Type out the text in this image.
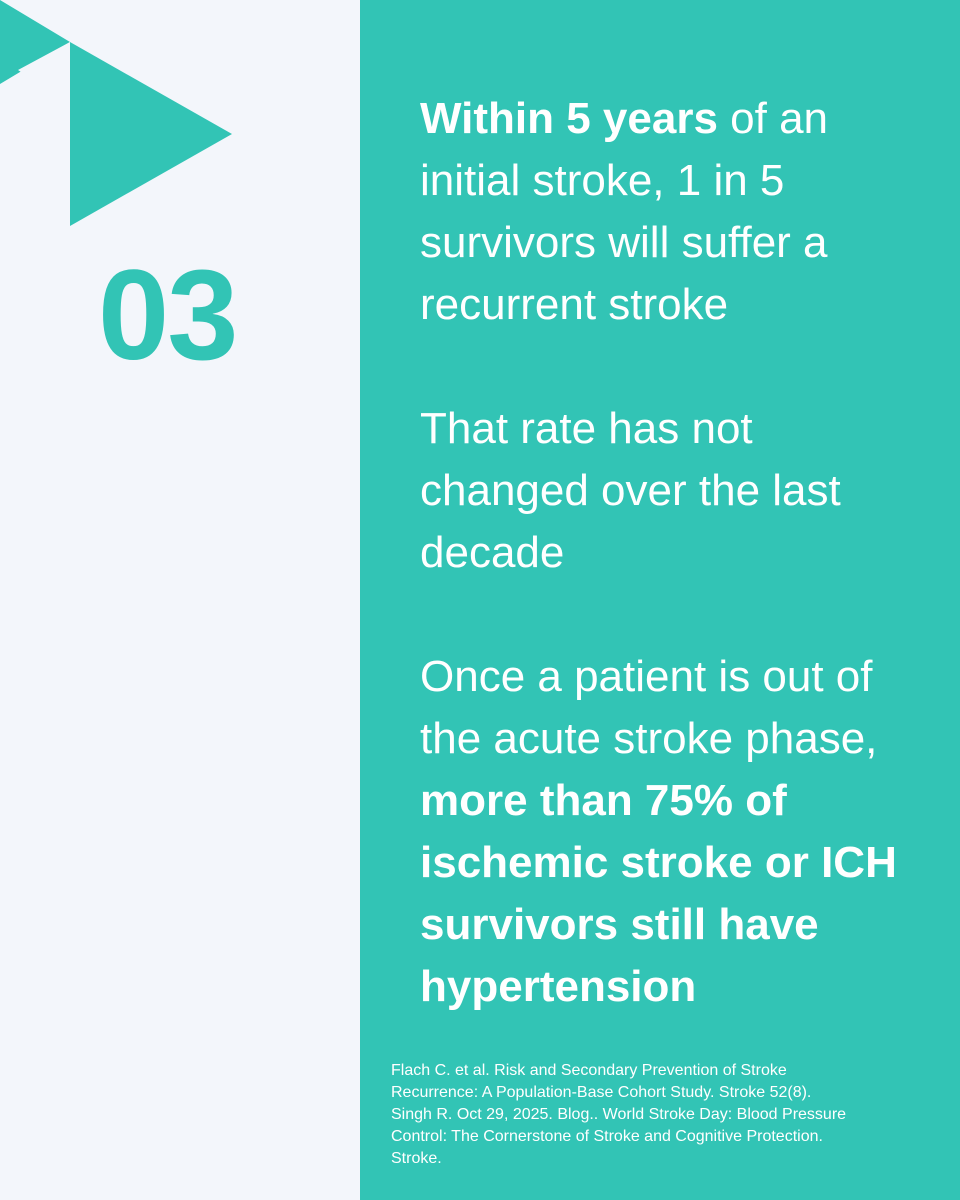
03

Within 5 years of an initial stroke, 1 in 5 survivors will suffer a recurrent stroke

That rate has not changed over the last decade

Once a patient is out of the acute stroke phase, more than 75% of ischemic stroke or ICH survivors still have hypertension

Flach C. et al. Risk and Secondary Prevention of Stroke
Recurrence: A Population-Base Cohort Study. Stroke 52(8).
Singh R. Oct 29, 2025. Blog.. World Stroke Day: Blood Pressure
Control: The Cornerstone of Stroke and Cognitive Protection.
Stroke.
